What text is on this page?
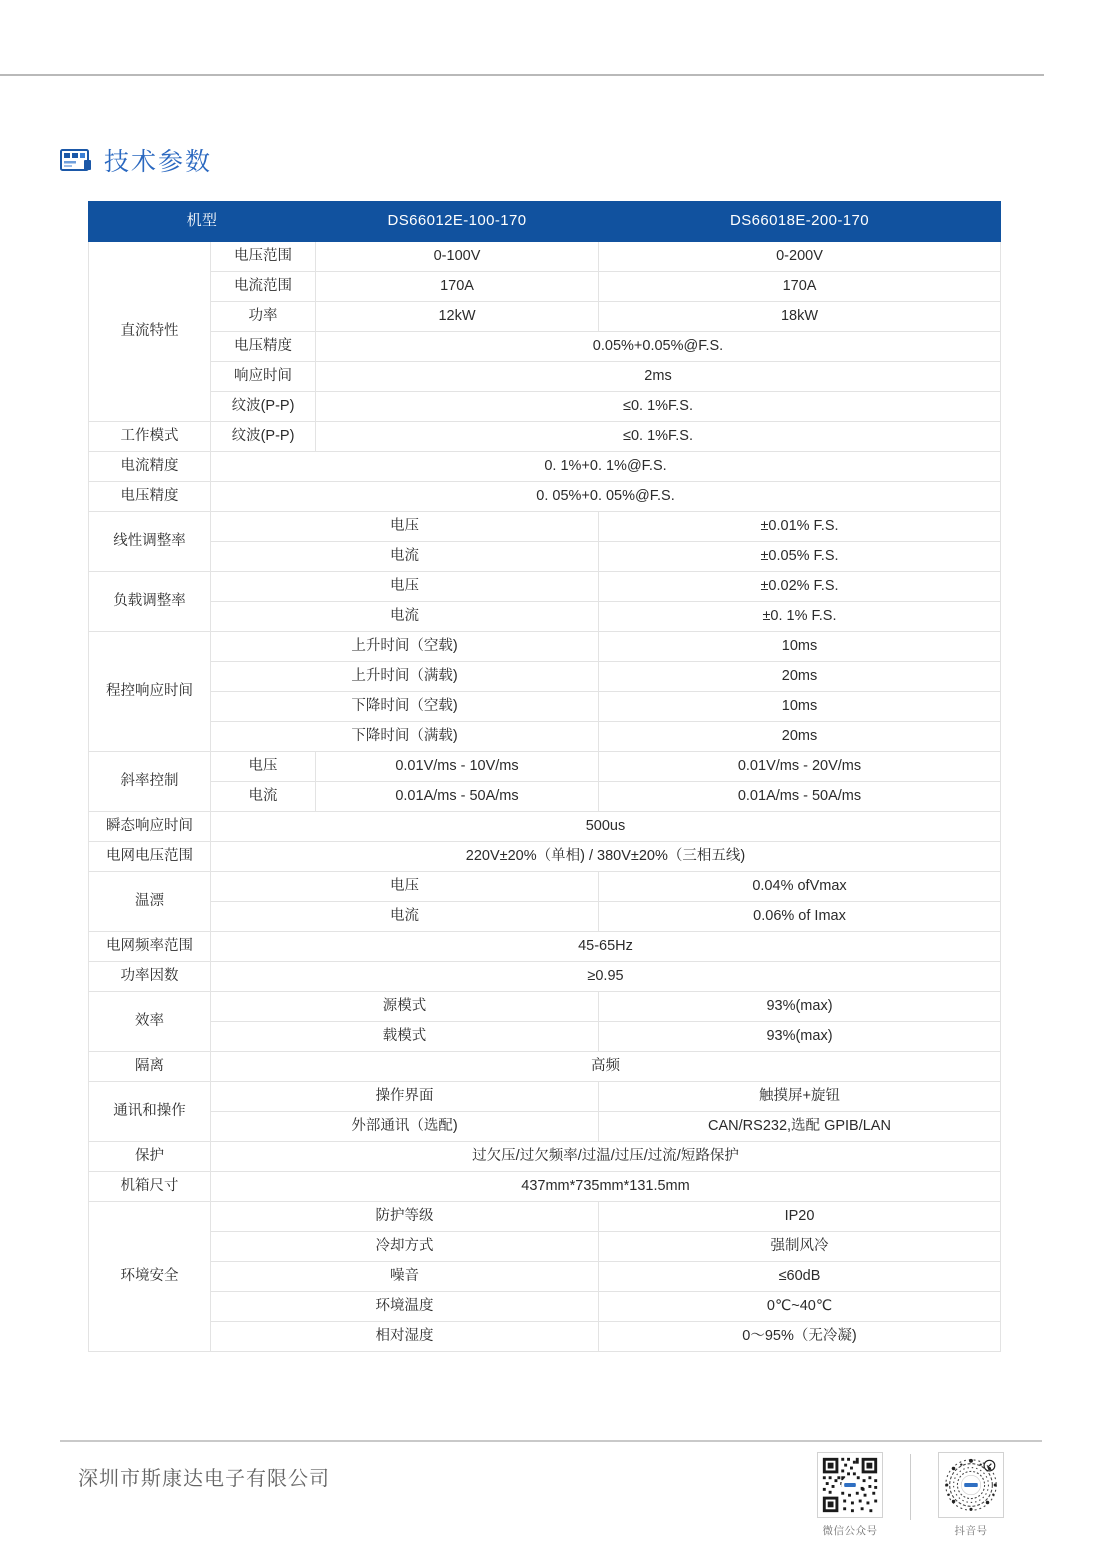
技术参数
机型		DS66012E-100-170	DS66018E-200-170
直流特性	电压范围	0-100V	0-200V
	电流范围	170A	170A
	功率	12kW	18kW
	电压精度	0.05%+0.05%@F.S.	
	响应时间	2ms	
	纹波(P-P)	≤0. 1%F.S.	
工作模式	纹波(P-P)	≤0. 1%F.S.	
电流精度	0. 1%+0. 1%@F.S.		
电压精度	0. 05%+0. 05%@F.S.		
线性调整率	电压		±0.01% F.S.
	电流		±0.05% F.S.
负载调整率	电压		±0.02% F.S.
	电流		±0. 1% F.S.
程控响应时间	上升时间（空载)		10ms
	上升时间（满载)		20ms
	下降时间（空载)		10ms
	下降时间（满载)		20ms
斜率控制	电压	0.01V/ms - 10V/ms	0.01V/ms - 20V/ms
	电流	0.01A/ms - 50A/ms	0.01A/ms - 50A/ms
瞬态响应时间	500us		
电网电压范围	220V±20%（单相) / 380V±20%（三相五线)		
温漂	电压		0.04% ofVmax
	电流		0.06% of Imax
电网频率范围	45-65Hz		
功率因数	≥0.95		
效率	源模式		93%(max)
	载模式		93%(max)
隔离	高频		
通讯和操作	操作界面		触摸屏+旋钮
	外部通讯（选配)		CAN/RS232,选配 GPIB/LAN
保护	过欠压/过欠频率/过温/过压/过流/短路保护		
机箱尺寸	437mm*735mm*131.5mm		
环境安全	防护等级		IP20
	冷却方式		强制风冷
	噪音		≤60dB
	环境温度		0℃~40℃
	相对湿度		0～95%（无冷凝)
深圳市斯康达电子有限公司
微信公众号	抖音号
